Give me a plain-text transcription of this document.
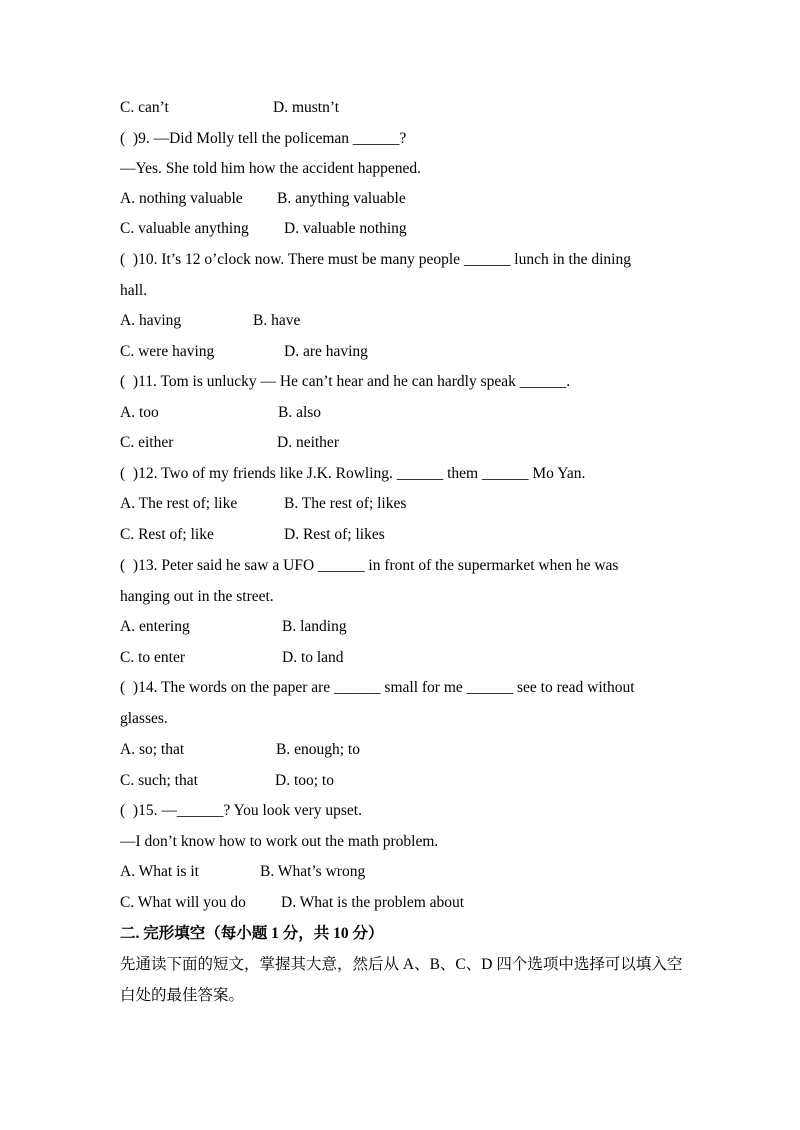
C. can’t	D. mustn’t
(  )9. —Did Molly tell the policeman ______?
—Yes. She told him how the accident happened.
A. nothing valuable B. anything valuable
C. valuable anything D. valuable nothing
(  )10. It’s 12 o’clock now. There must be many people ______ lunch in the dining
hall.
A. having	B. have
C. were having	D. are having
(  )11. Tom is unlucky — He can’t hear and he can hardly speak ______.
A. too	B. also
C. either	D. neither
(  )12. Two of my friends like J.K. Rowling. ______ them ______ Mo Yan.
A. The rest of; like	B. The rest of; likes
C. Rest of; like	D. Rest of; likes
(  )13. Peter said he saw a UFO ______ in front of the supermarket when he was
hanging out in the street.
A. entering	B. landing
C. to enter	D. to land
(  )14. The words on the paper are ______ small for me ______ see to read without
glasses.
A. so; that	B. enough; to
C. such; that	D. too; to
(  )15. —______? You look very upset.
—I don’t know how to work out the math problem.
A. What is it	B. What’s wrong
C. What will you do D. What is the problem about
二. 完形填空（每小题 1 分，共 10 分）
先通读下面的短文，掌握其大意，然后从 A、B、C、D 四个选项中选择可以填入空
白处的最佳答案。
